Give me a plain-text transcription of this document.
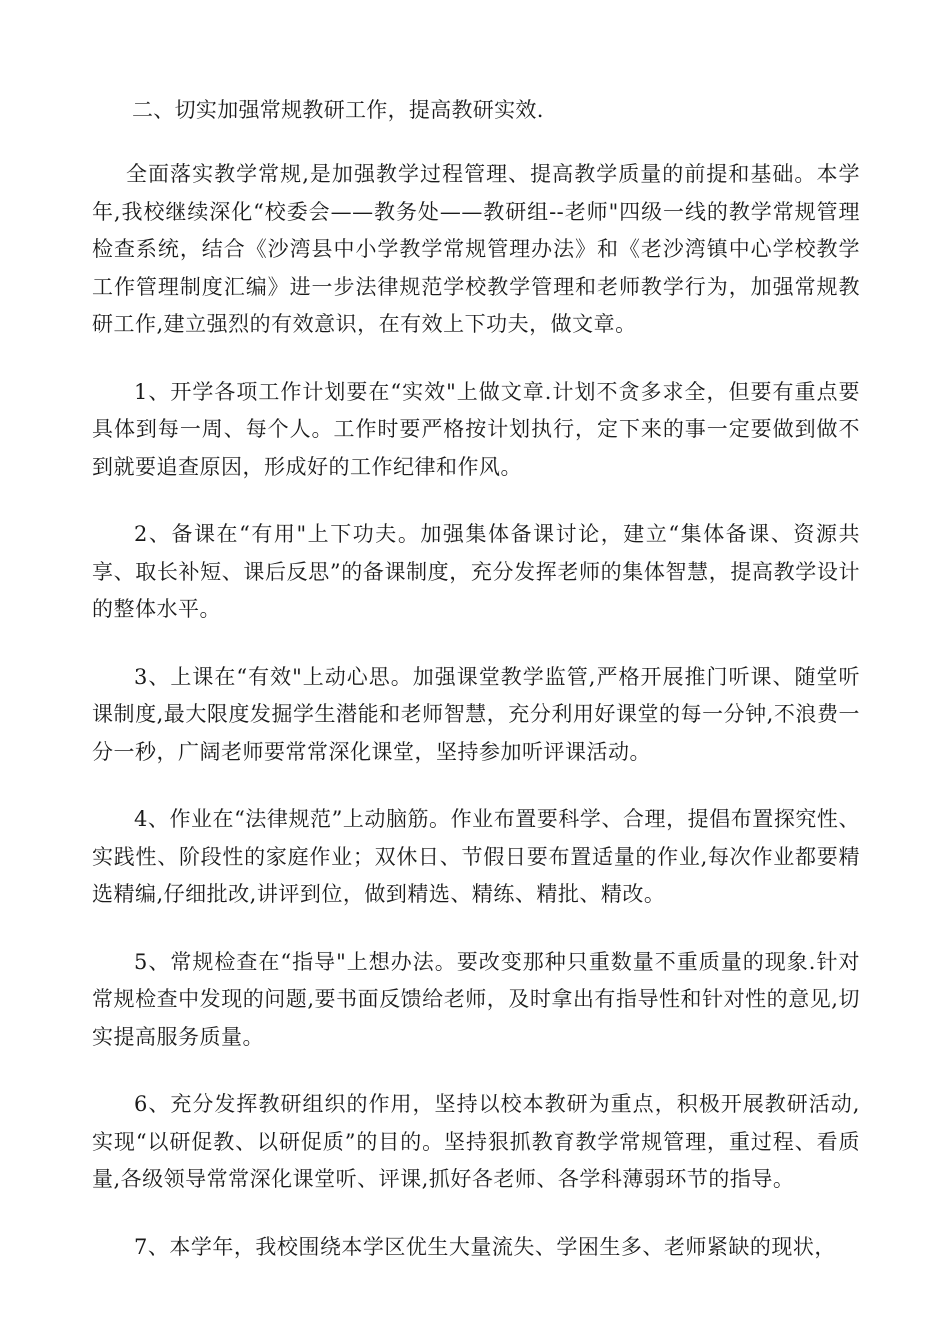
二、切实加强常规教研工作，提高教研实效.

全面落实教学常规,是加强教学过程管理、提高教学质量的前提和基础。本学年,我校继续深化“校委会——教务处——教研组--老师"四级一线的教学常规管理检查系统，结合《沙湾县中小学教学常规管理办法》和《老沙湾镇中心学校教学工作管理制度汇编》进一步法律规范学校教学管理和老师教学行为，加强常规教研工作,建立强烈的有效意识，在有效上下功夫，做文章。

1、开学各项工作计划要在“实效"上做文章.计划不贪多求全，但要有重点要具体到每一周、每个人。工作时要严格按计划执行，定下来的事一定要做到做不到就要追查原因，形成好的工作纪律和作风。

2、备课在“有用"上下功夫。加强集体备课讨论，建立“集体备课、资源共享、取长补短、课后反思”的备课制度，充分发挥老师的集体智慧，提高教学设计的整体水平。

3、上课在“有效"上动心思。加强课堂教学监管,严格开展推门听课、随堂听课制度,最大限度发掘学生潜能和老师智慧，充分利用好课堂的每一分钟,不浪费一分一秒，广阔老师要常常深化课堂，坚持参加听评课活动。

4、作业在“法律规范”上动脑筋。作业布置要科学、合理，提倡布置探究性、实践性、阶段性的家庭作业；双休日、节假日要布置适量的作业,每次作业都要精选精编,仔细批改,讲评到位，做到精选、精练、精批、精改。

5、常规检查在“指导"上想办法。要改变那种只重数量不重质量的现象.针对常规检查中发现的问题,要书面反馈给老师，及时拿出有指导性和针对性的意见,切实提高服务质量。

6、充分发挥教研组织的作用，坚持以校本教研为重点，积极开展教研活动,实现“以研促教、以研促质”的目的。坚持狠抓教育教学常规管理，重过程、看质量,各级领导常常深化课堂听、评课,抓好各老师、各学科薄弱环节的指导。

7、本学年，我校围绕本学区优生大量流失、学困生多、老师紧缺的现状，
